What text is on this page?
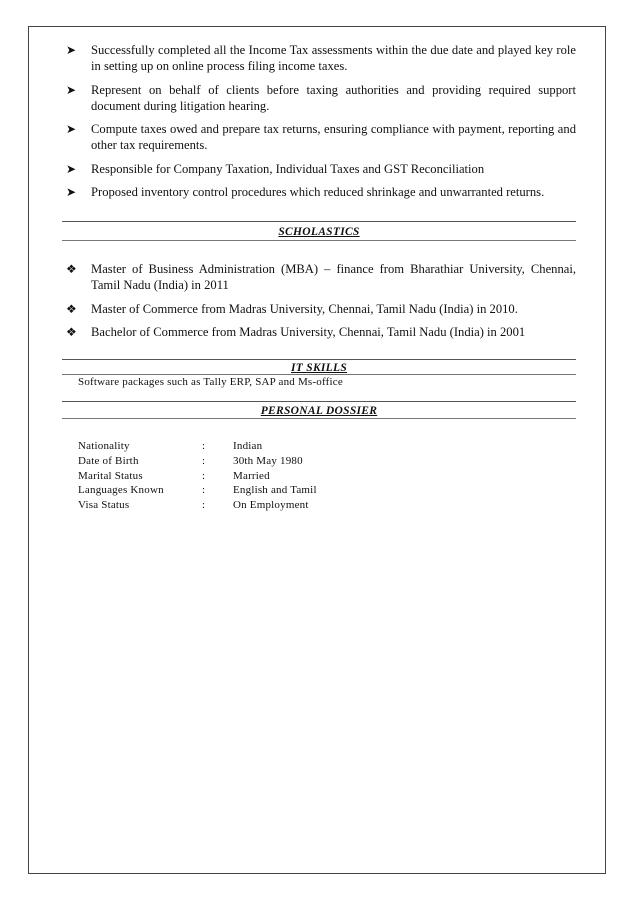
➤ Successfully completed all the Income Tax assessments within the due date and played key role in setting up on online process filing income taxes.
➤ Represent on behalf of clients before taxing authorities and providing required support document during litigation hearing.
➤ Compute taxes owed and prepare tax returns, ensuring compliance with payment, reporting and other tax requirements.
➤ Responsible for Company Taxation, Individual Taxes and GST Reconciliation
➤ Proposed inventory control procedures which reduced shrinkage and unwarranted returns.
SCHOLASTICS
❖ Master of Business Administration (MBA) – finance from Bharathiar University, Chennai, Tamil Nadu (India) in 2011
❖ Master of Commerce from Madras University, Chennai, Tamil Nadu (India) in 2010.
❖ Bachelor of Commerce from Madras University, Chennai, Tamil Nadu (India) in 2001
IT SKILLS
Software packages such as Tally ERP, SAP and Ms-office
PERSONAL DOSSIER
Nationality	:	Indian
Date of Birth	:	30th May 1980
Marital Status	:	Married
Languages Known	:	English and Tamil
Visa Status	:	On Employment
